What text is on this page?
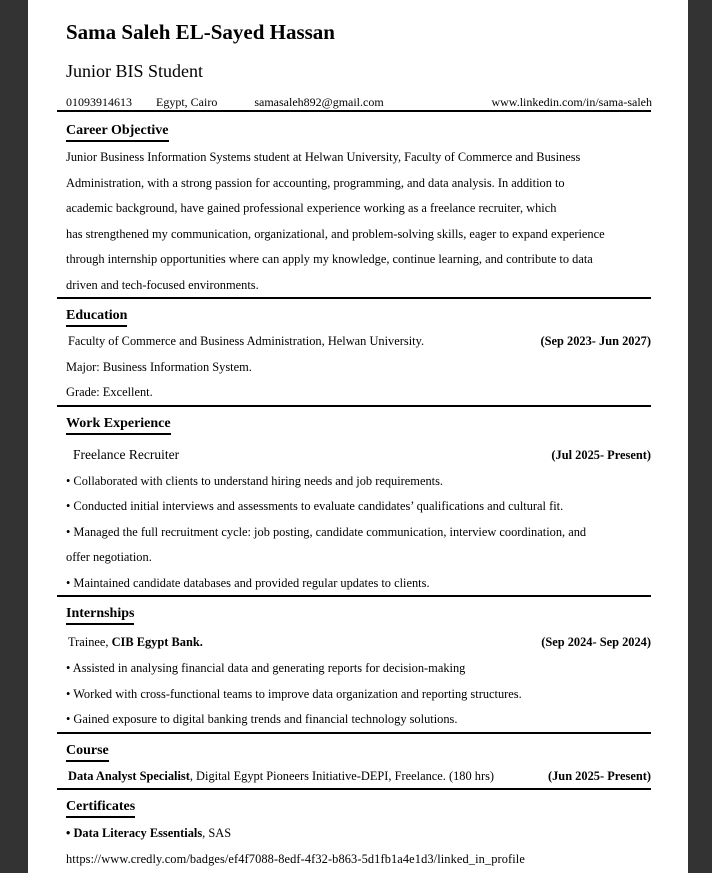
Sama Saleh EL-Sayed Hassan
Junior BIS Student
01093914613 Egypt, Cairo	samasaleh892@gmail.com	www.linkedin.com/in/sama-saleh
Career Objective
Junior Business Information Systems student at Helwan University, Faculty of Commerce and Business
Administration, with a strong passion for accounting, programming, and data analysis. In addition to
academic background, have gained professional experience working as a freelance recruiter, which
has strengthened my communication, organizational, and problem-solving skills, eager to expand experience
through internship opportunities where can apply my knowledge, continue learning, and contribute to data
driven and tech-focused environments.
Education
Faculty of Commerce and Business Administration, Helwan University.	(Sep 2023- Jun 2027)
Major: Business Information System.
Grade: Excellent.
Work Experience
Freelance Recruiter	(Jul 2025- Present)
• Collaborated with clients to understand hiring needs and job requirements.
• Conducted initial interviews and assessments to evaluate candidates’ qualifications and cultural fit.
• Managed the full recruitment cycle: job posting, candidate communication, interview coordination, and
offer negotiation.
• Maintained candidate databases and provided regular updates to clients.
Internships
Trainee, CIB Egypt Bank.	(Sep 2024- Sep 2024)
• Assisted in analysing financial data and generating reports for decision-making
• Worked with cross-functional teams to improve data organization and reporting structures.
• Gained exposure to digital banking trends and financial technology solutions.
Course
Data Analyst Specialist, Digital Egypt Pioneers Initiative-DEPI, Freelance. (180 hrs)	(Jun 2025- Present)
Certificates
• Data Literacy Essentials, SAS
https://www.credly.com/badges/ef4f7088-8edf-4f32-b863-5d1fb1a4e1d3/linked_in_profile
